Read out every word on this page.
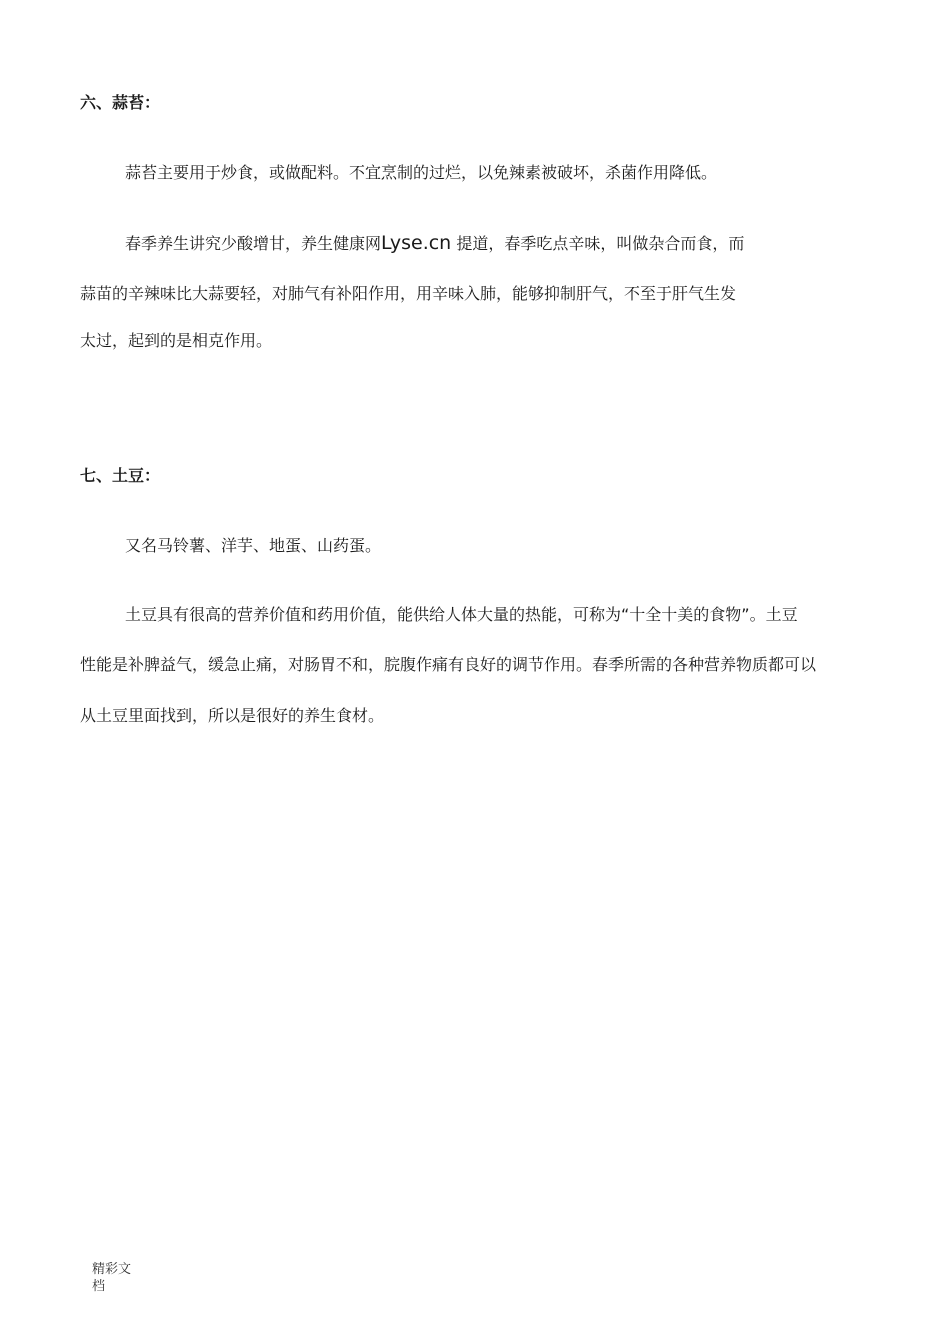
六、蒜苔：
蒜苔主要用于炒食，或做配料。不宜烹制的过烂，以免辣素被破坏，杀菌作用降低。
春季养生讲究少酸增甘，养生健康网Lyse.cn 提道，春季吃点辛味，叫做杂合而食，而
蒜苗的辛辣味比大蒜要轻，对肺气有补阳作用，用辛味入肺，能够抑制肝气，不至于肝气生发
太过，起到的是相克作用。
七、土豆：
又名马铃薯、洋芋、地蛋、山药蛋。
土豆具有很高的营养价值和药用价值，能供给人体大量的热能，可称为“十全十美的食物”。土豆
性能是补脾益气，缓急止痛，对肠胃不和，脘腹作痛有良好的调节作用。春季所需的各种营养物质都可以
从土豆里面找到，所以是很好的养生食材。
精彩文
档
